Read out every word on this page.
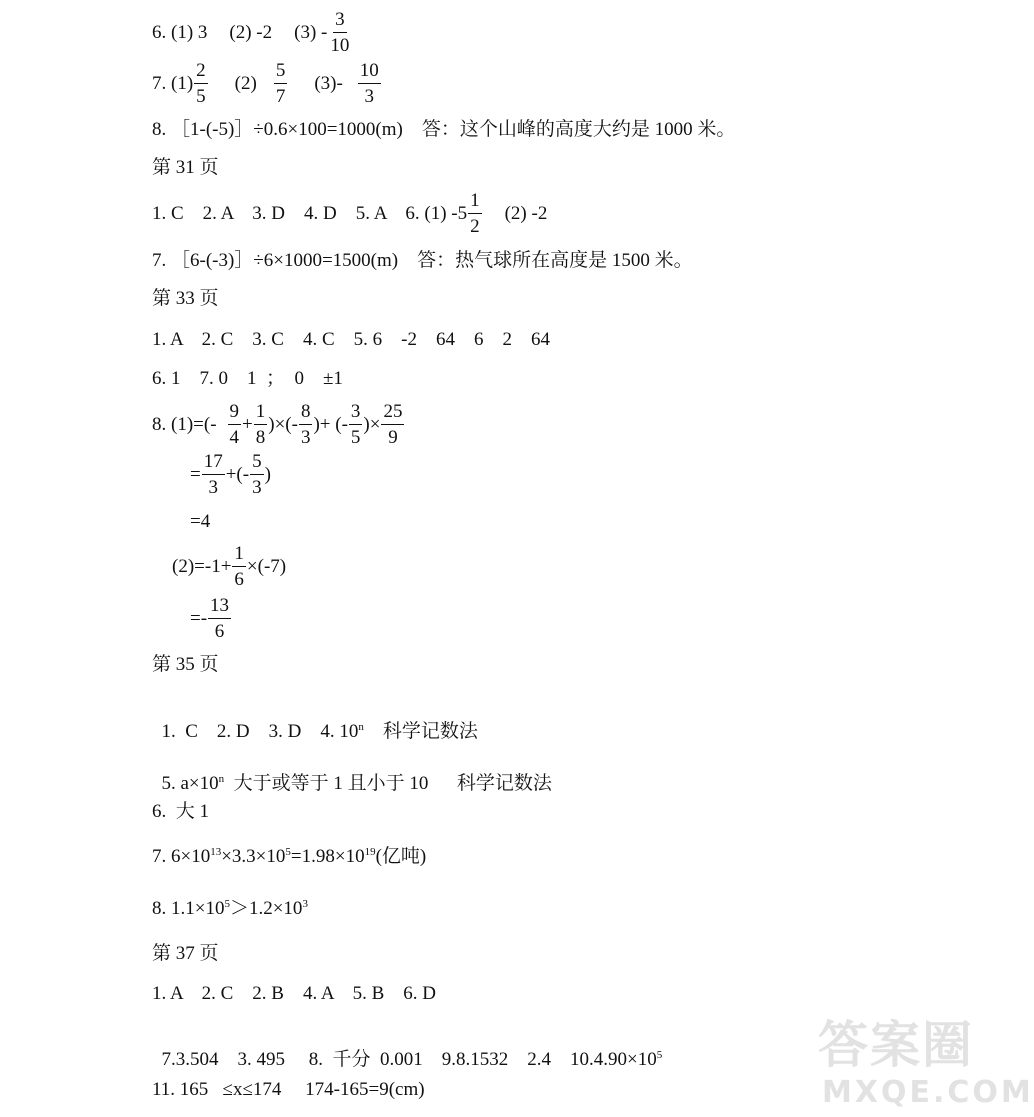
6. (1) 3 (2) -2 $(3) - \frac{3}{10}$
7. $(1) \frac{2}{5} (2) \frac{5}{7} (3)- \frac{10}{3}$
8. ［1-(-5)］÷0.6×100=1000(m)    答：这个山峰的高度大约是 1000 米。
第 31 页
1. C    2. A    3. D    4. D    5. A    6. (1) $-5 \frac{1}{2} (2)$ -2
7. ［6-(-3)］÷6×1000=1500(m)    答：热气球所在高度是 1500 米。
第 33 页
1. A    2. C    3. C    4. C    5. 6    -2    64    6    2    64
6. 1    7. 0    1  ；  0    ±1
8. $(1)=(- \frac{9}{4} + \frac{1}{8}$ )×(- $\frac{8}{3}$ )+ (- $\frac{3}{5}$ )× $\frac{25}{9}$
= $\frac{17}{3}$ +(- $\frac{5}{3}$ )
=4
$(2)=-1+ \frac{1}{6} \times(-7)$
=- $\frac{13}{6}$
第 35 页

1.  C    2. D    3. D    4. 10$^n$    科学记数法

5. $a\times 10^n$  大于或等于 1 且小于 10      科学记数法

6.  大 1
7. $6\times 10^{13}\times 3.3\times 10^5=1.98\times 10^{19}$(亿吨)
8. $1.1\times 10^5>1.2\times 10^3$
第 37 页
1. A    2. C    2. B    4. A    5. B    6. D

7.3.504    3. 495     8.  千分  0.001    9.8.1532    2.4    $10.4.90\times 10^5$

11. 165   ≤x≤174     174-165=9(cm)
答案圈
MXQE.COM
